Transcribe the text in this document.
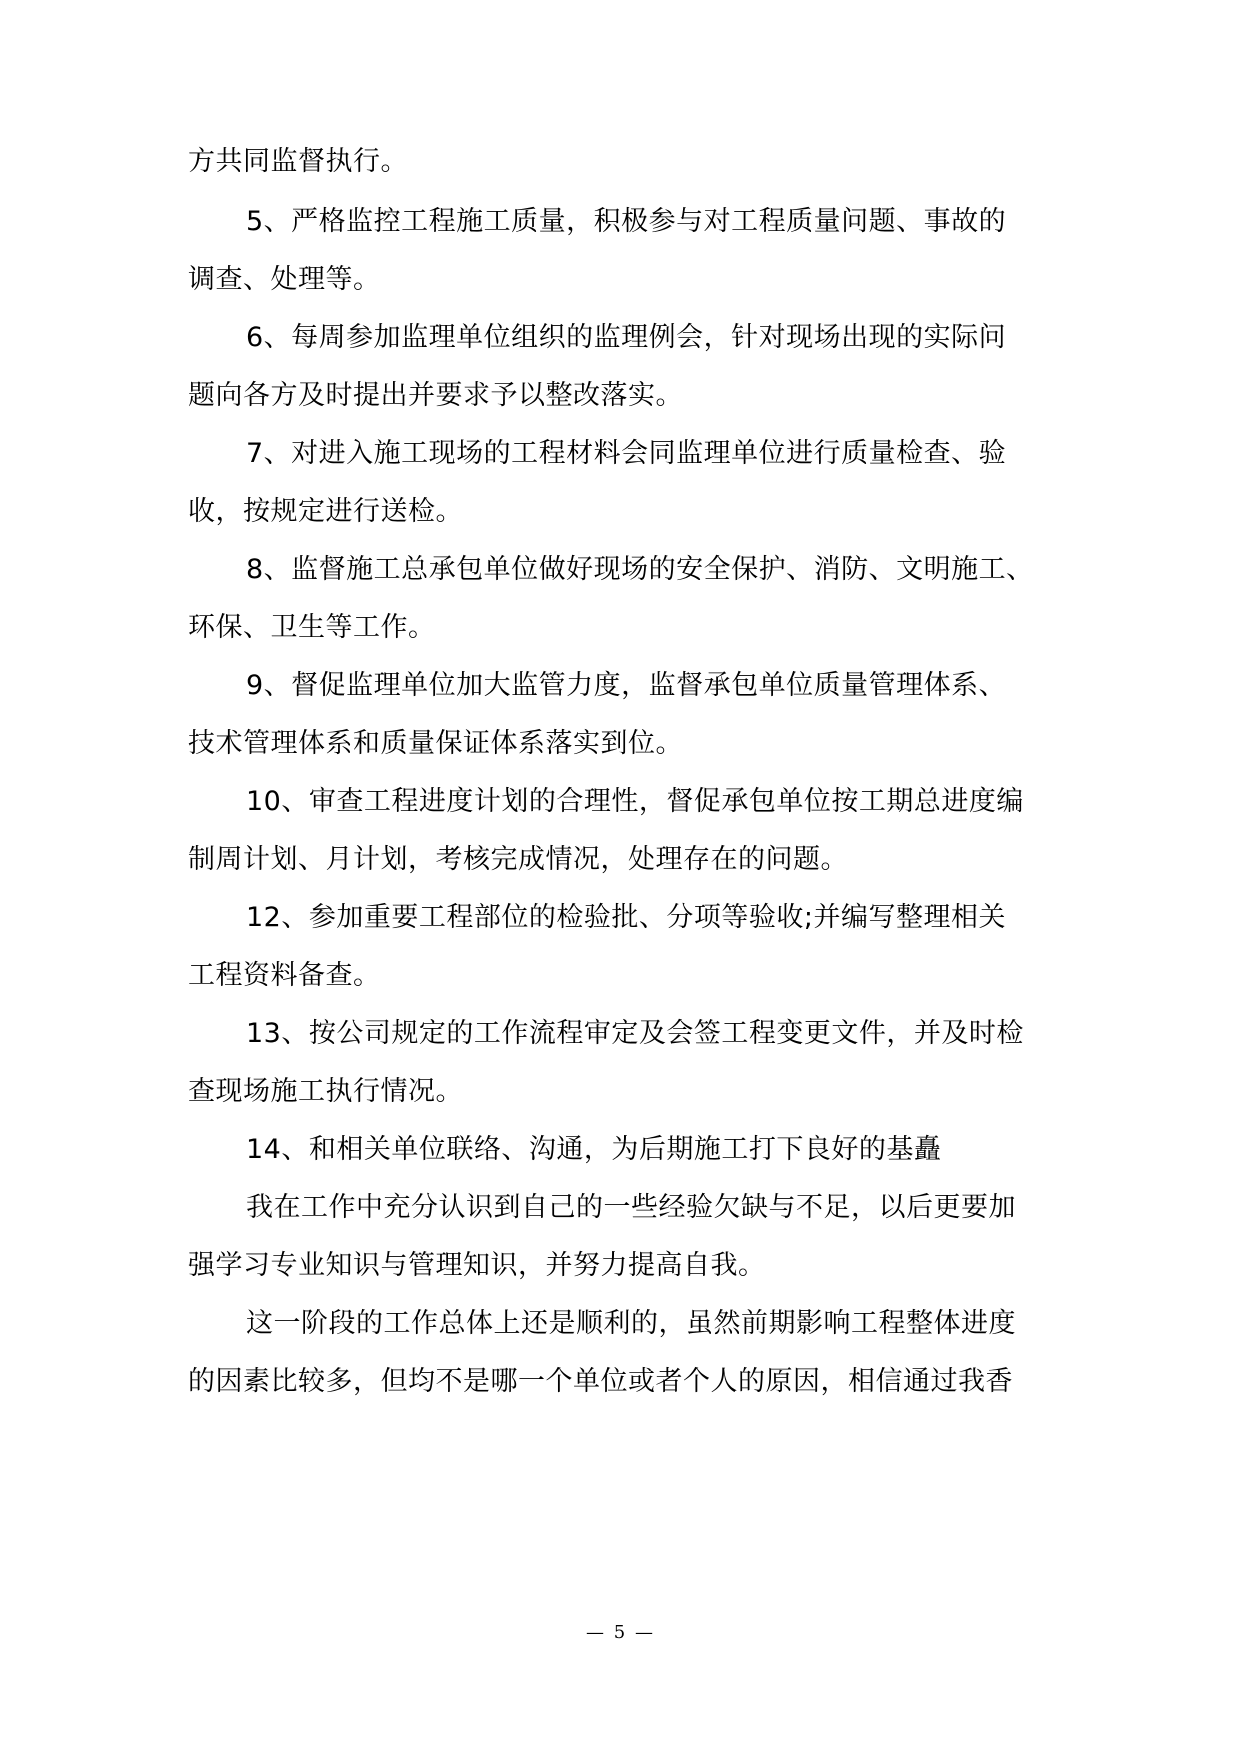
方共同监督执行。
5、严格监控工程施工质量，积极参与对工程质量问题、事故的
调查、处理等。
6、每周参加监理单位组织的监理例会，针对现场出现的实际问
题向各方及时提出并要求予以整改落实。
7、对进入施工现场的工程材料会同监理单位进行质量检查、验
收，按规定进行送检。
8、监督施工总承包单位做好现场的安全保护、消防、文明施工、
环保、卫生等工作。
9、督促监理单位加大监管力度，监督承包单位质量管理体系、
技术管理体系和质量保证体系落实到位。
10、审查工程进度计划的合理性，督促承包单位按工期总进度编
制周计划、月计划，考核完成情况，处理存在的问题。
12、参加重要工程部位的检验批、分项等验收;并编写整理相关
工程资料备查。
13、按公司规定的工作流程审定及会签工程变更文件，并及时检
查现场施工执行情况。
14、和相关单位联络、沟通，为后期施工打下良好的基矗
我在工作中充分认识到自己的一些经验欠缺与不足，以后更要加
强学习专业知识与管理知识，并努力提高自我。
这一阶段的工作总体上还是顺利的，虽然前期影响工程整体进度
的因素比较多，但均不是哪一个单位或者个人的原因，相信通过我香
— 5 —
